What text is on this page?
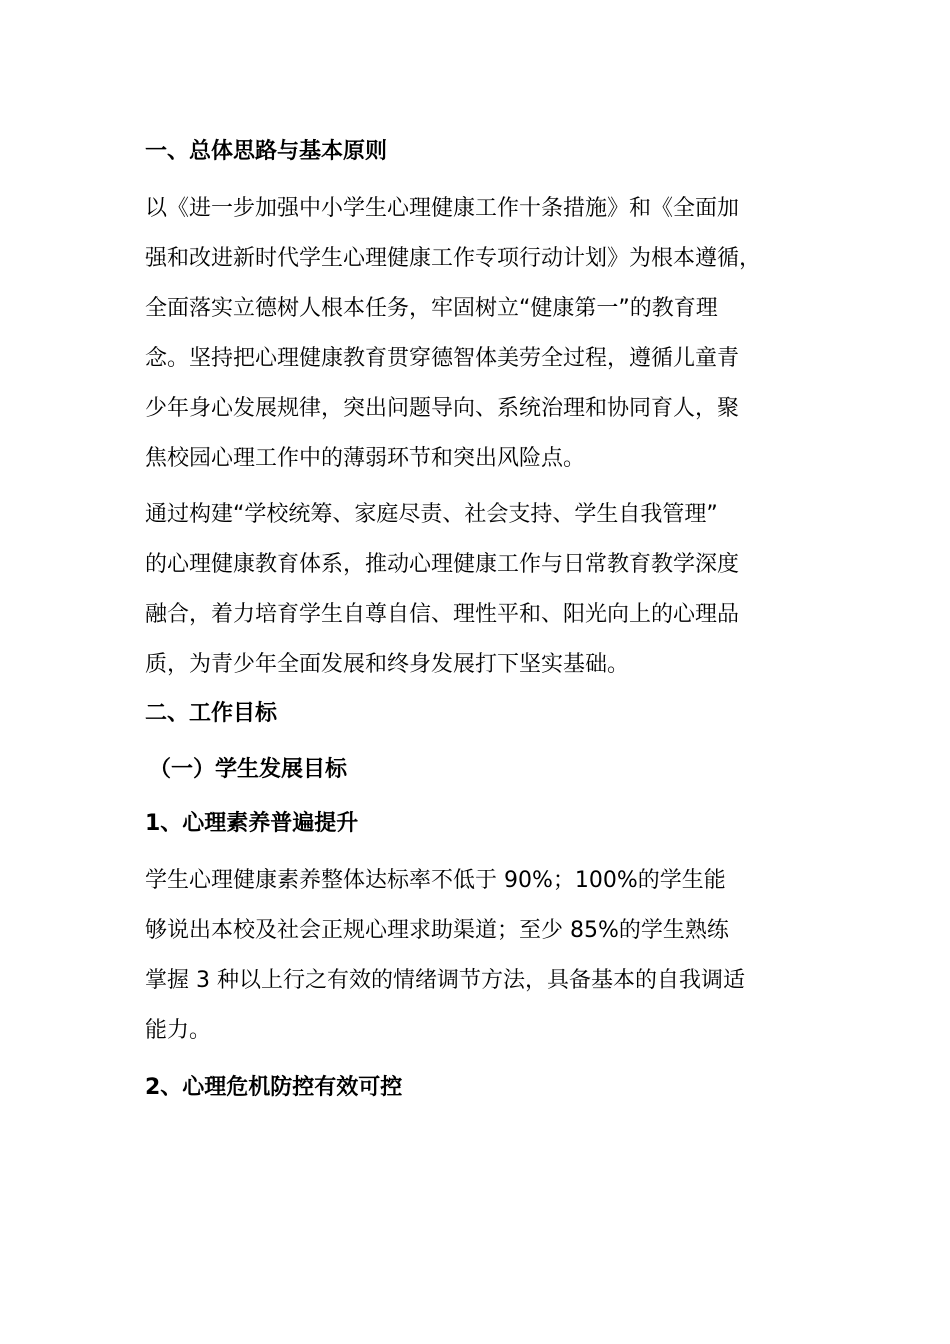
一、总体思路与基本原则
以《进一步加强中小学生心理健康工作十条措施》和《全面加
强和改进新时代学生心理健康工作专项行动计划》为根本遵循，
全面落实立德树人根本任务，牢固树立“健康第一”的教育理
念。坚持把心理健康教育贯穿德智体美劳全过程，遵循儿童青
少年身心发展规律，突出问题导向、系统治理和协同育人，聚
焦校园心理工作中的薄弱环节和突出风险点。
通过构建“学校统筹、家庭尽责、社会支持、学生自我管理”
的心理健康教育体系，推动心理健康工作与日常教育教学深度
融合，着力培育学生自尊自信、理性平和、阳光向上的心理品
质，为青少年全面发展和终身发展打下坚实基础。
二、工作目标
（一）学生发展目标
1、心理素养普遍提升
学生心理健康素养整体达标率不低于 90%；100%的学生能
够说出本校及社会正规心理求助渠道；至少 85%的学生熟练
掌握 3 种以上行之有效的情绪调节方法，具备基本的自我调适
能力。
2、心理危机防控有效可控
